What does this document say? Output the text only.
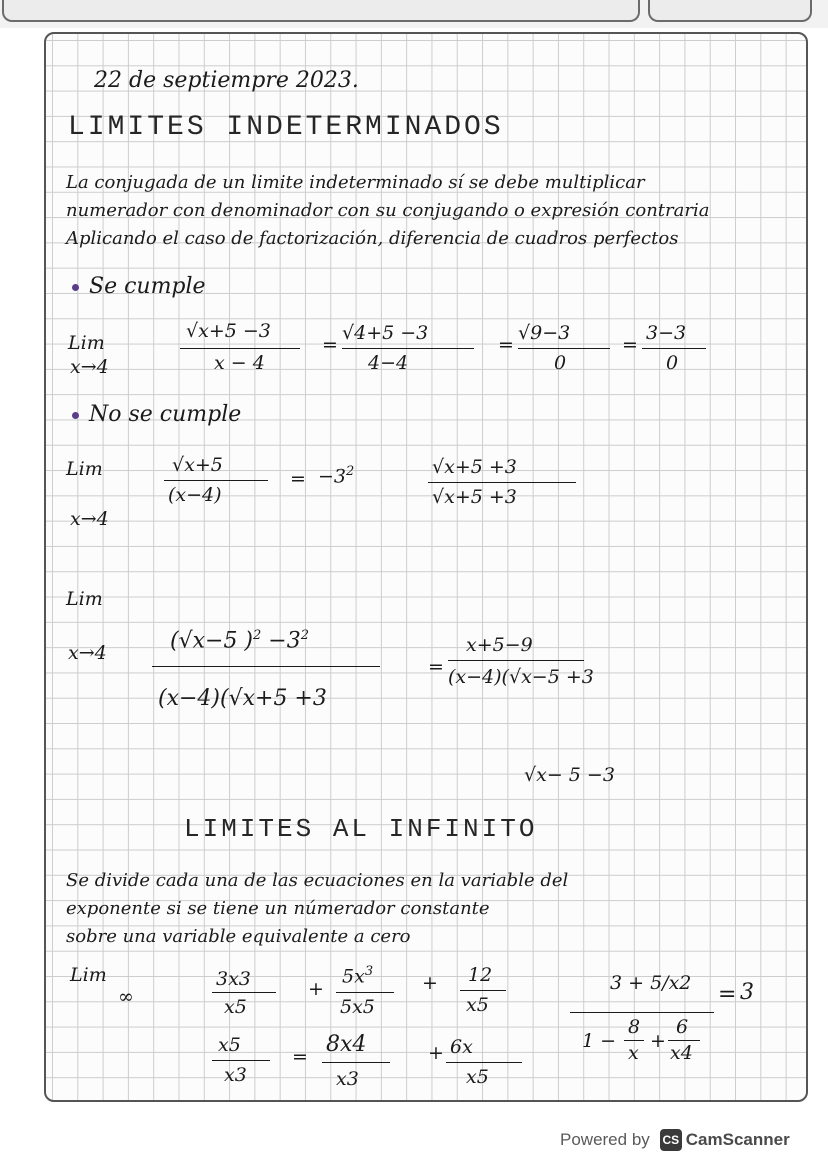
22 de septiempre 2023.
LIMITES INDETERMINADOS
La conjugada de un limite indeterminado sí se debe multiplicar
numerador con denominador con su conjugando o expresión contraria
Aplicando el caso de factorización, diferencia de cuadros perfectos
Se cumple
Lim
x→4
√x+5 −3
x − 4
=
√4+5 −3
4−4
=
√9−3
0
=
3−3
0
No se cumple
Lim
x→4
√x+5
(x−4)
= $-3^2$	√x+5 +3
√x+5 +3
Lim
x→4	(√x−5 )$^2 -3^2$
(x−4)(√x+5 +3
=
x+5−9
(x−4)(√x−5 +3
√x− 5 −3
LIMITES AL INFINITO
Se divide cada una de las ecuaciones en la variable del
exponente si se tiene un númerador constante
sobre una variable equivalente a cero
Lim
∞
3x3
x5
+
$5x^3$
5x5
+ 12
x5
3 + 5/x2
1 −
8
x
+
6
x4
= 3
x5
x3
= 8x4
x3
+ 6x
x5
Powered by CS CamScanner
